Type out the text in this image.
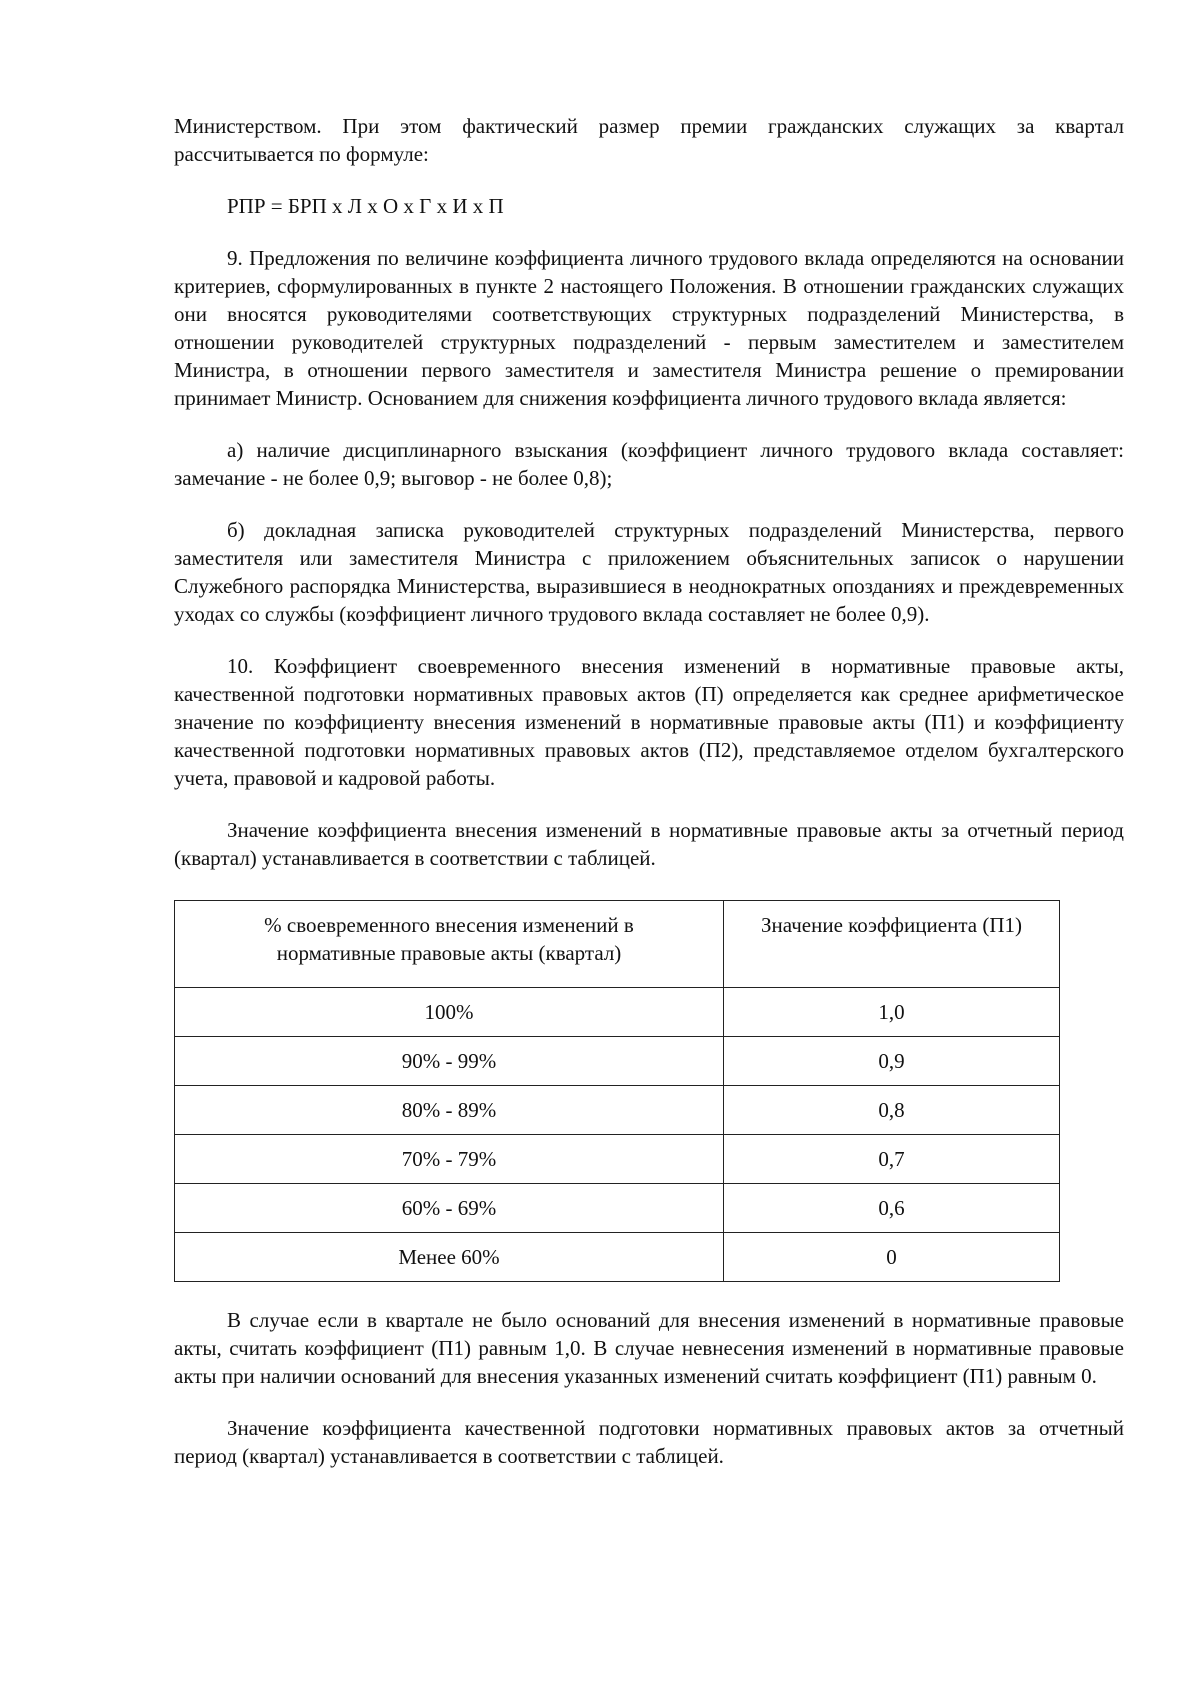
Министерством. При этом фактический размер премии гражданских служащих за квартал рассчитывается по формуле:

РПР = БРП x Л x О x Г x И x П

9. Предложения по величине коэффициента личного трудового вклада определяются на основании критериев, сформулированных в пункте 2 настоящего Положения. В отношении гражданских служащих они вносятся руководителями соответствующих структурных подразделений Министерства, в отношении руководителей структурных подразделений - первым заместителем и заместителем Министра, в отношении первого заместителя и заместителя Министра решение о премировании принимает Министр. Основанием для снижения коэффициента личного трудового вклада является:

а) наличие дисциплинарного взыскания (коэффициент личного трудового вклада составляет: замечание - не более 0,9; выговор - не более 0,8);

б) докладная записка руководителей структурных подразделений Министерства, первого заместителя или заместителя Министра с приложением объяснительных записок о нарушении Служебного распорядка Министерства, выразившиеся в неоднократных опозданиях и преждевременных уходах со службы (коэффициент личного трудового вклада составляет не более 0,9).

10. Коэффициент своевременного внесения изменений в нормативные правовые акты, качественной подготовки нормативных правовых актов (П) определяется как среднее арифметическое значение по коэффициенту внесения изменений в нормативные правовые акты (П1) и коэффициенту качественной подготовки нормативных правовых актов (П2), представляемое отделом бухгалтерского учета, правовой и кадровой работы.

Значение коэффициента внесения изменений в нормативные правовые акты за отчетный период (квартал) устанавливается в соответствии с таблицей.

% своевременного внесения изменений в нормативные правовые акты (квартал)	Значение коэффициента (П1)
100%	1,0
90% - 99%	0,9
80% - 89%	0,8
70% - 79%	0,7
60% - 69%	0,6
Менее 60%	0

В случае если в квартале не было оснований для внесения изменений в нормативные правовые акты, считать коэффициент (П1) равным 1,0. В случае невнесения изменений в нормативные правовые акты при наличии оснований для внесения указанных изменений считать коэффициент (П1) равным 0.

Значение коэффициента качественной подготовки нормативных правовых актов за отчетный период (квартал) устанавливается в соответствии с таблицей.
